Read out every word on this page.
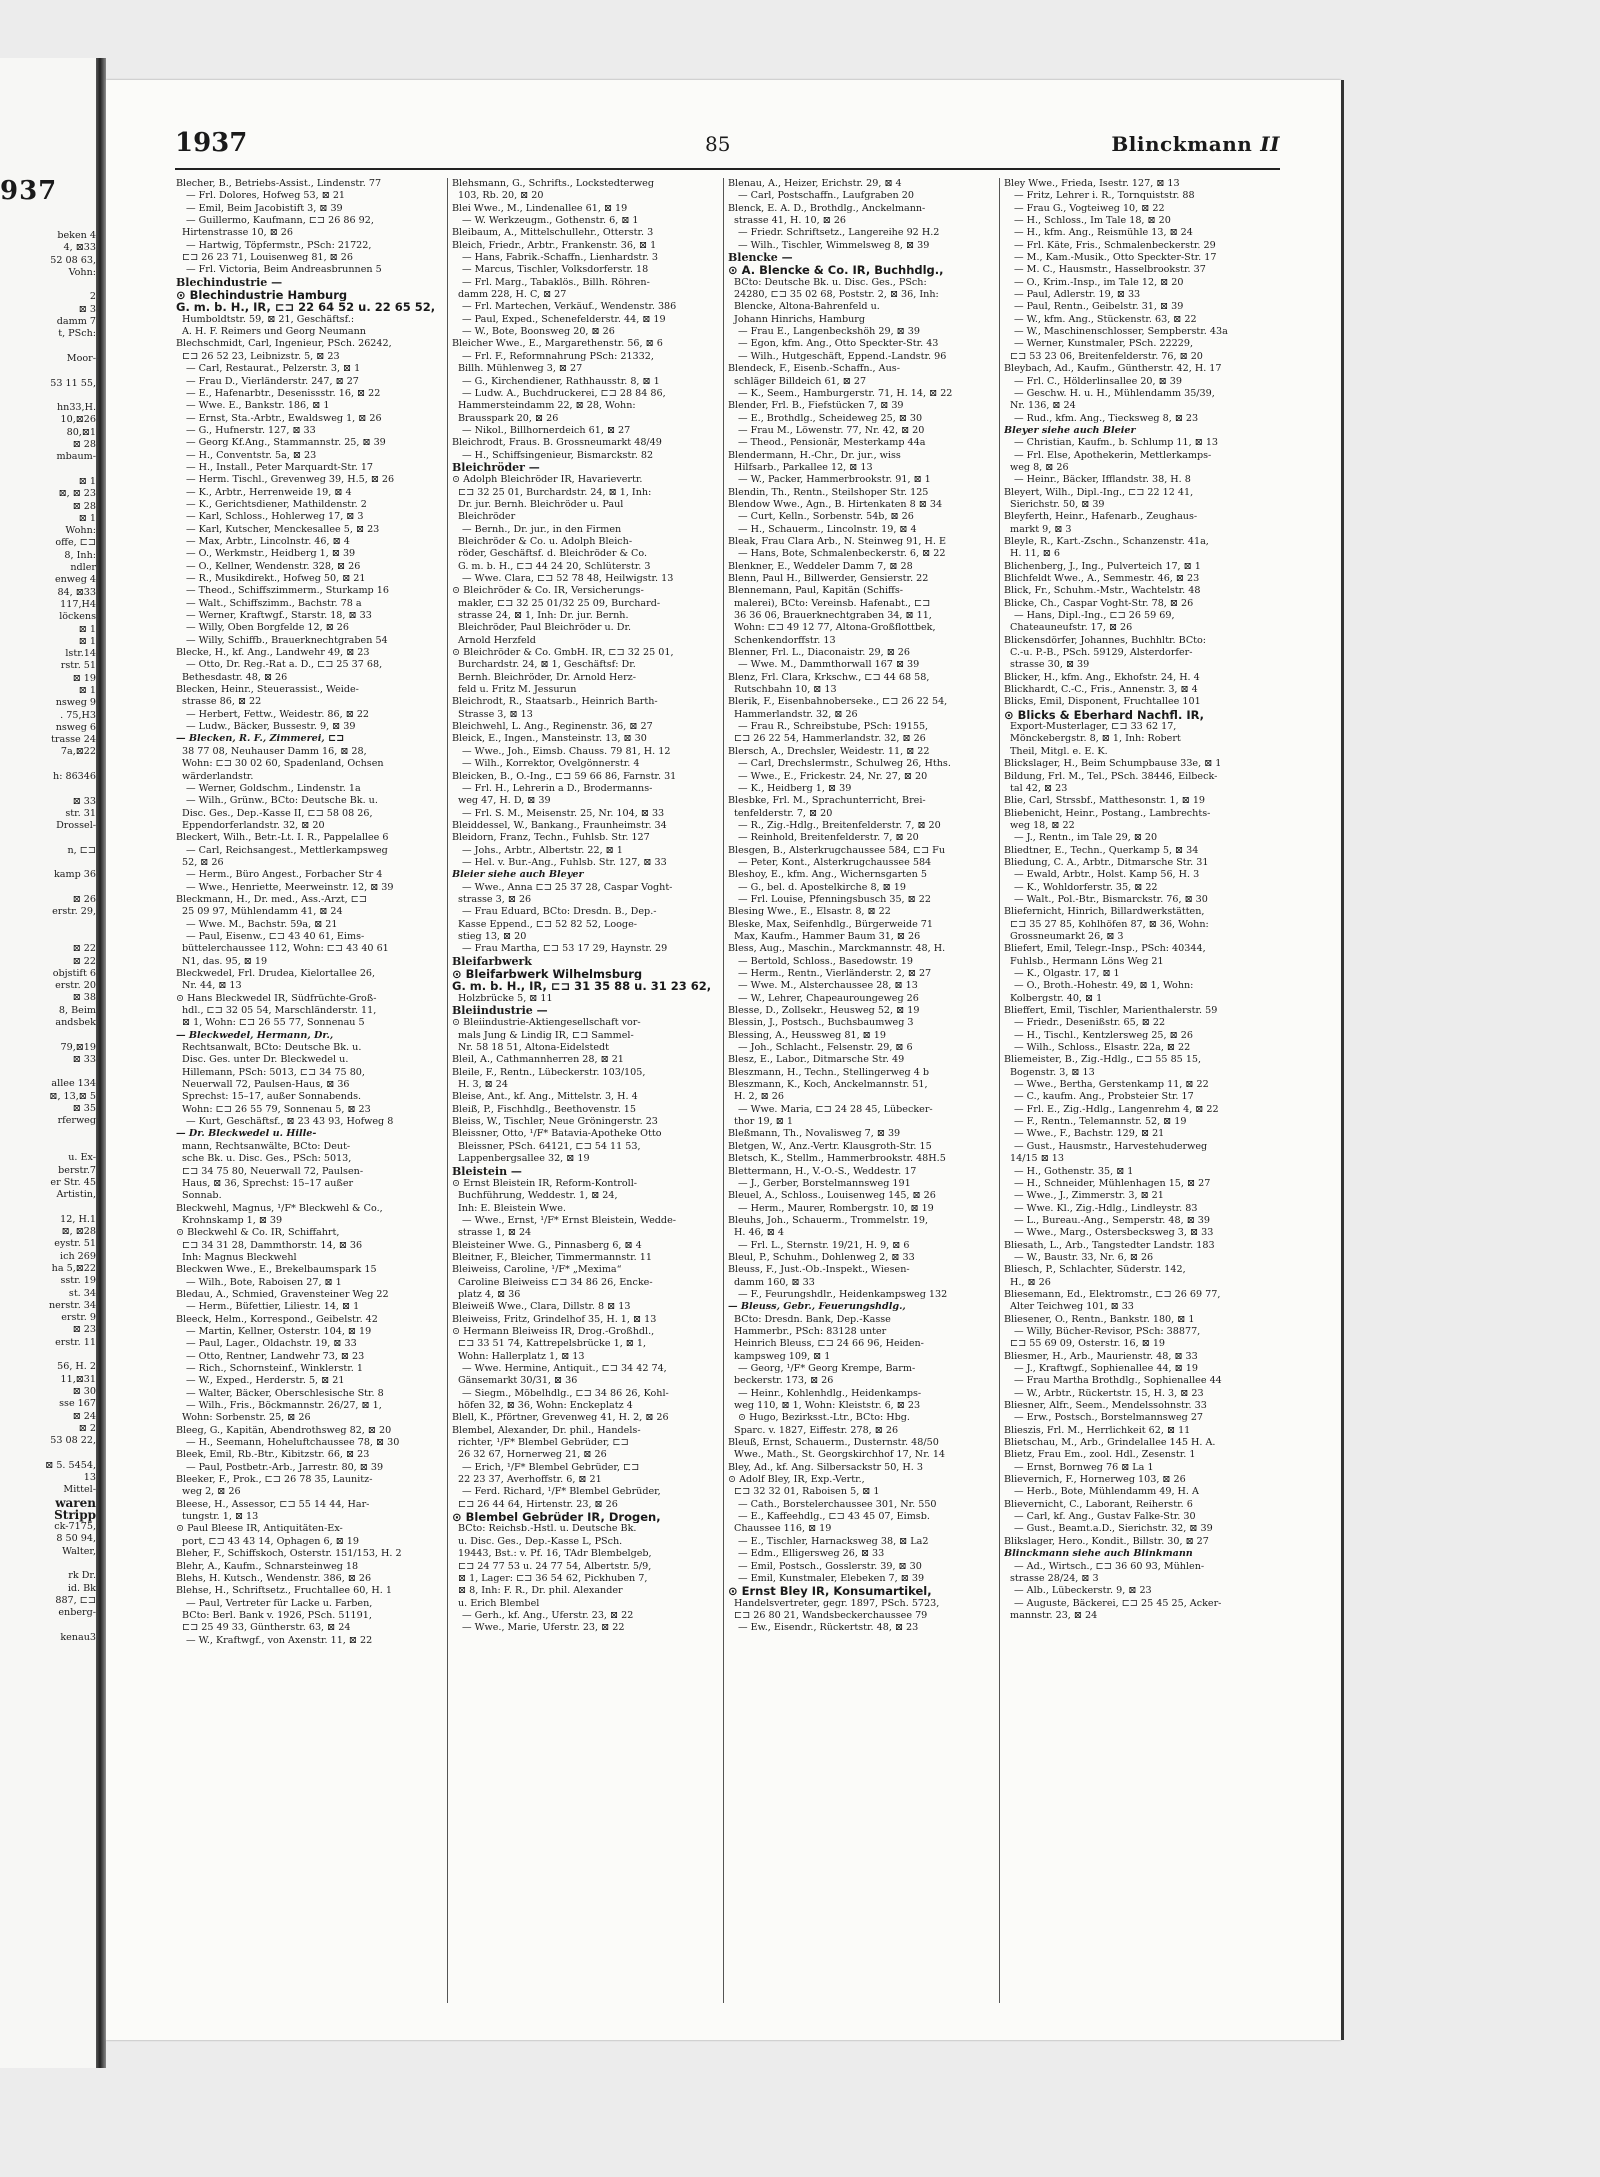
937
beken 4
4, ⊠33
52 08 63,
Vohn:
2
⊠ 3
damm 7
t, PSch:
Moor-
53 11 55,
hn33,H.
10,⊠26
80,⊠1
⊠ 28
mbaum-
⊠ 1
⊠, ⊠ 23
⊠ 28
⊠ 1
Wohn:
offe, ⊏⊐
8, Inh:
ndler
enweg 4
84, ⊠33
117,H4
löckens
⊠ 1
⊠ 1
lstr.14
rstr. 51
⊠ 19
⊠ 1
nsweg 9
. 75,H3
nsweg 6
trasse 24
7a,⊠22
h: 86346
⊠ 33
str. 31
Drossel-
n, ⊏⊐
kamp 36
⊠ 26
erstr. 29,
⊠ 22
⊠ 22
objstift 6
erstr. 20
⊠ 38
8, Beim
andsbek
79,⊠19
⊠ 33
allee 134
⊠, 13,⊠ 5
⊠ 35
rferweg
u. Ex-
berstr.7
er Str. 45
Artistin,
12, H.1
⊠, ⊠28
eystr. 51
ich 269
ha 5,⊠22
sstr. 19
st. 34
nerstr. 34
erstr. 9
⊠ 23
erstr. 11
56, H. 2
11,⊠31
⊠ 30
sse 167
⊠ 24
⊠ 2
53 08 22,
⊠ 5. 5454,
13
Mittel-
waren
Stripp
ck-7175,
8 50 94,
Walter,
rk Dr.
id. Bk
887, ⊏⊐
enberg-
kenau3
1937	85	Blinckmann II
Blecher, B., Betriebs-Assist., Lindenstr. 77
— Frl. Dolores, Hofweg 53, ⊠ 21
— Emil, Beim Jacobistift 3, ⊠ 39
— Guillermo, Kaufmann, ⊏⊐ 26 86 92,
Hirtenstrasse 10, ⊠ 26
— Hartwig, Töpfermstr., PSch: 21722,
⊏⊐ 26 23 71, Louisenweg 81, ⊠ 26
— Frl. Victoria, Beim Andreasbrunnen 5
Blechindustrie —
⊙ Blechindustrie Hamburg
G. m. b. H., IR, ⊏⊐ 22 64 52 u. 22 65 52,
Humboldtstr. 59, ⊠ 21, Geschäftsf.:
A. H. F. Reimers und Georg Neumann
Blechschmidt, Carl, Ingenieur, PSch. 26242,
⊏⊐ 26 52 23, Leibnizstr. 5, ⊠ 23
— Carl, Restaurat., Pelzerstr. 3, ⊠ 1
— Frau D., Vierländerstr. 247, ⊠ 27
— E., Hafenarbtr., Desenissstr. 16, ⊠ 22
— Wwe. E., Bankstr. 186, ⊠ 1
— Ernst, Sta.-Arbtr., Ewaldsweg 1, ⊠ 26
— G., Hufnerstr. 127, ⊠ 33
— Georg Kf.Ang., Stammannstr. 25, ⊠ 39
— H., Conventstr. 5a, ⊠ 23
— H., Install., Peter Marquardt-Str. 17
— Herm. Tischl., Grevenweg 39, H.5, ⊠ 26
— K., Arbtr., Herrenweide 19, ⊠ 4
— K., Gerichtsdiener, Mathildenstr. 2
— Karl, Schloss., Hohlerweg 17, ⊠ 3
— Karl, Kutscher, Menckesallee 5, ⊠ 23
— Max, Arbtr., Lincolnstr. 46, ⊠ 4
— O., Werkmstr., Heidberg 1, ⊠ 39
— O., Kellner, Wendenstr. 328, ⊠ 26
— R., Musikdirekt., Hofweg 50, ⊠ 21
— Theod., Schiffszimmerm., Sturkamp 16
— Walt., Schiffszimm., Bachstr. 78 a
— Werner, Kraftwgf., Starstr. 18, ⊠ 33
— Willy, Oben Borgfelde 12, ⊠ 26
— Willy, Schiffb., Brauerknechtgraben 54
Blecke, H., kf. Ang., Landwehr 49, ⊠ 23
— Otto, Dr. Reg.-Rat a. D., ⊏⊐ 25 37 68,
Bethesdastr. 48, ⊠ 26
Blecken, Heinr., Steuerassist., Weide-
strasse 86, ⊠ 22
— Herbert, Fettw., Weidestr. 86, ⊠ 22
— Ludw., Bäcker, Bussestr. 9, ⊠ 39
— Blecken, R. F., Zimmerei, ⊏⊐
38 77 08, Neuhauser Damm 16, ⊠ 28,
Wohn: ⊏⊐ 30 02 60, Spadenland, Ochsen
wärderlandstr.
— Werner, Goldschm., Lindenstr. 1a
— Wilh., Grünw., BCto: Deutsche Bk. u.
Disc. Ges., Dep.-Kasse II, ⊏⊐ 58 08 26,
Eppendorferlandstr. 32, ⊠ 20
Bleckert, Wilh., Betr.-Lt. I. R., Pappelallee 6
— Carl, Reichsangest., Mettlerkampsweg
52, ⊠ 26
— Herm., Büro Angest., Forbacher Str 4
— Wwe., Henriette, Meerweinstr. 12, ⊠ 39
Bleckmann, H., Dr. med., Ass.-Arzt, ⊏⊐
25 09 97, Mühlendamm 41, ⊠ 24
— Wwe. M., Bachstr. 59a, ⊠ 21
— Paul, Eisenw., ⊏⊐ 43 40 61, Eims-
büttelerchaussee 112, Wohn: ⊏⊐ 43 40 61
N1, das. 95, ⊠ 19
Bleckwedel, Frl. Drudea, Kielortallee 26,
Nr. 44, ⊠ 13
⊙ Hans Bleckwedel IR, Südfrüchte-Groß-
hdl., ⊏⊐ 32 05 54, Marschländerstr. 11,
⊠ 1, Wohn: ⊏⊐ 26 55 77, Sonnenau 5
— Bleckwedel, Hermann, Dr.,
Rechtsanwalt, BCto: Deutsche Bk. u.
Disc. Ges. unter Dr. Bleckwedel u.
Hillemann, PSch: 5013, ⊏⊐ 34 75 80,
Neuerwall 72, Paulsen-Haus, ⊠ 36
Sprechst: 15–17, außer Sonnabends.
Wohn: ⊏⊐ 26 55 79, Sonnenau 5, ⊠ 23
— Kurt, Geschäftsf., ⊠ 23 43 93, Hofweg 8
— Dr. Bleckwedel u. Hille-
mann, Rechtsanwälte, BCto: Deut-
sche Bk. u. Disc. Ges., PSch: 5013,
⊏⊐ 34 75 80, Neuerwall 72, Paulsen-
Haus, ⊠ 36, Sprechst: 15–17 außer
Sonnab.
Bleckwehl, Magnus, ¹/F* Bleckwehl & Co.,
Krohnskamp 1, ⊠ 39
⊙ Bleckwehl & Co. IR, Schiffahrt,
⊏⊐ 34 31 28, Dammthorstr. 14, ⊠ 36
Inh: Magnus Bleckwehl
Bleckwen Wwe., E., Brekelbaumspark 15
— Wilh., Bote, Raboisen 27, ⊠ 1
Bledau, A., Schmied, Gravensteiner Weg 22
— Herm., Büfettier, Liliestr. 14, ⊠ 1
Bleeck, Helm., Korrespond., Geibelstr. 42
— Martin, Kellner, Osterstr. 104, ⊠ 19
— Paul, Lager., Oldachstr. 19, ⊠ 33
— Otto, Rentner, Landwehr 73, ⊠ 23
— Rich., Schornsteinf., Winklerstr. 1
— W., Exped., Herderstr. 5, ⊠ 21
— Walter, Bäcker, Oberschlesische Str. 8
— Wilh., Fris., Böckmannstr. 26/27, ⊠ 1,
Wohn: Sorbenstr. 25, ⊠ 26
Bleeg, G., Kapitän, Abendrothsweg 82, ⊠ 20
— H., Seemann, Hoheluftchaussee 78, ⊠ 30
Bleek, Emil, Rb.-Btr., Kibitzstr. 66, ⊠ 23
— Paul, Postbetr.-Arb., Jarrestr. 80, ⊠ 39
Bleeker, F., Prok., ⊏⊐ 26 78 35, Launitz-
weg 2, ⊠ 26
Bleese, H., Assessor, ⊏⊐ 55 14 44, Har-
tungstr. 1, ⊠ 13
⊙ Paul Bleese IR, Antiquitäten-Ex-
port, ⊏⊐ 43 43 14, Ophagen 6, ⊠ 19
Bleher, F., Schiffskoch, Osterstr. 151/153, H. 2
Blehr, A., Kaufm., Schnarsteinweg 18
Blehs, H. Kutsch., Wendenstr. 386, ⊠ 26
Blehse, H., Schriftsetz., Fruchtallee 60, H. 1
— Paul, Vertreter für Lacke u. Farben,
BCto: Berl. Bank v. 1926, PSch. 51191,
⊏⊐ 25 49 33, Güntherstr. 63, ⊠ 24
— W., Kraftwgf., von Axenstr. 11, ⊠ 22
Blehsmann, G., Schrifts., Lockstedterweg
103, Rb. 20, ⊠ 20
Blei Wwe., M., Lindenallee 61, ⊠ 19
— W. Werkzeugm., Gothenstr. 6, ⊠ 1
Bleibaum, A., Mittelschullehr., Otterstr. 3
Bleich, Friedr., Arbtr., Frankenstr. 36, ⊠ 1
— Hans, Fabrik.-Schaffn., Lienhardstr. 3
— Marcus, Tischler, Volksdorferstr. 18
— Frl. Marg., Tabaklös., Billh. Röhren-
damm 228, H. C, ⊠ 27
— Frl. Martechen, Verkäuf., Wendenstr. 386
— Paul, Exped., Schenefelderstr. 44, ⊠ 19
— W., Bote, Boonsweg 20, ⊠ 26
Bleicher Wwe., E., Margarethenstr. 56, ⊠ 6
— Frl. F., Reformnahrung PSch: 21332,
Billh. Mühlenweg 3, ⊠ 27
— G., Kirchendiener, Rathhausstr. 8, ⊠ 1
— Ludw. A., Buchdruckerei, ⊏⊐ 28 84 86,
Hammersteindamm 22, ⊠ 28, Wohn:
Brausspark 20, ⊠ 26
— Nikol., Billhornerdeich 61, ⊠ 27
Bleichrodt, Fraus. B. Grossneumarkt 48/49
— H., Schiffsingenieur, Bismarckstr. 82
Bleichröder —
⊙ Adolph Bleichröder IR, Havarievertr.
⊏⊐ 32 25 01, Burchardstr. 24, ⊠ 1, Inh:
Dr. jur. Bernh. Bleichröder u. Paul
Bleichröder
— Bernh., Dr. jur., in den Firmen
Bleichröder & Co. u. Adolph Bleich-
röder, Geschäftsf. d. Bleichröder & Co.
G. m. b. H., ⊏⊐ 44 24 20, Schlüterstr. 3
— Wwe. Clara, ⊏⊐ 52 78 48, Heilwigstr. 13
⊙ Bleichröder & Co. IR, Versicherungs-
makler, ⊏⊐ 32 25 01/32 25 09, Burchard-
strasse 24, ⊠ 1, Inh: Dr. jur. Bernh.
Bleichröder, Paul Bleichröder u. Dr.
Arnold Herzfeld
⊙ Bleichröder & Co. GmbH. IR, ⊏⊐ 32 25 01,
Burchardstr. 24, ⊠ 1, Geschäftsf: Dr.
Bernh. Bleichröder, Dr. Arnold Herz-
feld u. Fritz M. Jessurun
Bleichrodt, R., Staatsarb., Heinrich Barth-
Strasse 3, ⊠ 13
Bleichwehl, L. Ang., Reginenstr. 36, ⊠ 27
Bleick, E., Ingen., Mansteinstr. 13, ⊠ 30
— Wwe., Joh., Eimsb. Chauss. 79 81, H. 12
— Wilh., Korrektor, Ovelgönnerstr. 4
Bleicken, B., O.-Ing., ⊏⊐ 59 66 86, Farnstr. 31
— Frl. H., Lehrerin a D., Brodermanns-
weg 47, H. D, ⊠ 39
— Frl. S. M., Meisenstr. 25, Nr. 104, ⊠ 33
Bleiddessel, W., Bankang., Fraunheimstr. 34
Bleidorn, Franz, Techn., Fuhlsb. Str. 127
— Johs., Arbtr., Albertstr. 22, ⊠ 1
— Hel. v. Bur.-Ang., Fuhlsb. Str. 127, ⊠ 33
Bleier siehe auch Bleyer
— Wwe., Anna ⊏⊐ 25 37 28, Caspar Voght-
strasse 3, ⊠ 26
— Frau Eduard, BCto: Dresdn. B., Dep.-
Kasse Eppend., ⊏⊐ 52 82 52, Looge-
stieg 13, ⊠ 20
— Frau Martha, ⊏⊐ 53 17 29, Haynstr. 29
Bleifarbwerk
⊙ Bleifarbwerk Wilhelmsburg
G. m. b. H., IR, ⊏⊐ 31 35 88 u. 31 23 62,
Holzbrücke 5, ⊠ 11
Bleiindustrie —
⊙ Bleiindustrie-Aktiengesellschaft vor-
mals Jung & Lindig IR, ⊏⊐ Sammel-
Nr. 58 18 51, Altona-Eidelstedt
Bleil, A., Cathmannherren 28, ⊠ 21
Bleile, F., Rentn., Lübeckerstr. 103/105,
H. 3, ⊠ 24
Bleise, Ant., kf. Ang., Mittelstr. 3, H. 4
Bleiß, P., Fischhdlg., Beethovenstr. 15
Bleiss, W., Tischler, Neue Gröningerstr. 23
Bleissner, Otto, ¹/F* Batavia-Apotheke Otto
Bleissner, PSch. 64121, ⊏⊐ 54 11 53,
Lappenbergsallee 32, ⊠ 19
Bleistein —
⊙ Ernst Bleistein IR, Reform-Kontroll-
Buchführung, Weddestr. 1, ⊠ 24,
Inh: E. Bleistein Wwe.
— Wwe., Ernst, ¹/F* Ernst Bleistein, Wedde-
strasse 1, ⊠ 24
Bleisteiner Wwe. G., Pinnasberg 6, ⊠ 4
Bleitner, F., Bleicher, Timmermannstr. 11
Bleiweiss, Caroline, ¹/F* „Mexima“
Caroline Bleiweiss ⊏⊐ 34 86 26, Encke-
platz 4, ⊠ 36
Bleiweiß Wwe., Clara, Dillstr. 8 ⊠ 13
Bleiweiss, Fritz, Grindelhof 35, H. 1, ⊠ 13
⊙ Hermann Bleiweiss IR, Drog.-Großhdl.,
⊏⊐ 33 51 74, Kattrepelsbrücke 1, ⊠ 1,
Wohn: Hallerplatz 1, ⊠ 13
— Wwe. Hermine, Antiquit., ⊏⊐ 34 42 74,
Gänsemarkt 30/31, ⊠ 36
— Siegm., Möbelhdlg., ⊏⊐ 34 86 26, Kohl-
höfen 32, ⊠ 36, Wohn: Enckeplatz 4
Blell, K., Pförtner, Grevenweg 41, H. 2, ⊠ 26
Blembel, Alexander, Dr. phil., Handels-
richter, ¹/F* Blembel Gebrüder, ⊏⊐
26 32 67, Hornerweg 21, ⊠ 26
— Erich, ¹/F* Blembel Gebrüder, ⊏⊐
22 23 37, Averhoffstr. 6, ⊠ 21
— Ferd. Richard, ¹/F* Blembel Gebrüder,
⊏⊐ 26 44 64, Hirtenstr. 23, ⊠ 26
⊙ Blembel Gebrüder IR, Drogen,
BCto: Reichsb.-Hstl. u. Deutsche Bk.
u. Disc. Ges., Dep.-Kasse L, PSch.
19443, Bst.: v. Pf. 16, TAdr Blembelgeb,
⊏⊐ 24 77 53 u. 24 77 54, Albertstr. 5/9,
⊠ 1, Lager: ⊏⊐ 36 54 62, Pickhuben 7,
⊠ 8, Inh: F. R., Dr. phil. Alexander
u. Erich Blembel
— Gerh., kf. Ang., Uferstr. 23, ⊠ 22
— Wwe., Marie, Uferstr. 23, ⊠ 22
Blenau, A., Heizer, Erichstr. 29, ⊠ 4
— Carl, Postschaffn., Laufgraben 20
Blenck, E. A. D., Brothdlg., Anckelmann-
strasse 41, H. 10, ⊠ 26
— Friedr. Schriftsetz., Langereihe 92 H.2
— Wilh., Tischler, Wimmelsweg 8, ⊠ 39
Blencke —
⊙ A. Blencke & Co. IR, Buchhdlg.,
BCto: Deutsche Bk. u. Disc. Ges., PSch:
24280, ⊏⊐ 35 02 68, Poststr. 2, ⊠ 36, Inh:
Blencke, Altona-Bahrenfeld u.
Johann Hinrichs, Hamburg
— Frau E., Langenbeckshöh 29, ⊠ 39
— Egon, kfm. Ang., Otto Speckter-Str. 43
— Wilh., Hutgeschäft, Eppend.-Landstr. 96
Blendeck, F., Eisenb.-Schaffn., Aus-
schläger Billdeich 61, ⊠ 27
— K., Seem., Hamburgerstr. 71, H. 14, ⊠ 22
Blender, Frl. B., Fiefstücken 7, ⊠ 39
— E., Brothdlg., Scheideweg 25, ⊠ 30
— Frau M., Löwenstr. 77, Nr. 42, ⊠ 20
— Theod., Pensionär, Mesterkamp 44a
Blendermann, H.-Chr., Dr. jur., wiss
Hilfsarb., Parkallee 12, ⊠ 13
— W., Packer, Hammerbrookstr. 91, ⊠ 1
Blendin, Th., Rentn., Steilshoper Str. 125
Blendow Wwe., Agn., B. Hirtenkaten 8 ⊠ 34
— Curt, Kelln., Sorbenstr. 54b, ⊠ 26
— H., Schauerm., Lincolnstr. 19, ⊠ 4
Bleak, Frau Clara Arb., N. Steinweg 91, H. E
— Hans, Bote, Schmalenbeckerstr. 6, ⊠ 22
Blenkner, E., Weddeler Damm 7, ⊠ 28
Blenn, Paul H., Billwerder, Gensierstr. 22
Blennemann, Paul, Kapitän (Schiffs-
malerei), BCto: Vereinsb. Hafenabt., ⊏⊐
36 36 06, Brauerknechtgraben 34, ⊠ 11,
Wohn: ⊏⊐ 49 12 77, Altona-Großflottbek,
Schenkendorffstr. 13
Blenner, Frl. L., Diaconaistr. 29, ⊠ 26
— Wwe. M., Dammthorwall 167 ⊠ 39
Blenz, Frl. Clara, Krkschw., ⊏⊐ 44 68 58,
Rutschbahn 10, ⊠ 13
Blerik, F., Eisenbahnoberseke., ⊏⊐ 26 22 54,
Hammerlandstr. 32, ⊠ 26
— Frau R., Schreibstube, PSch: 19155,
⊏⊐ 26 22 54, Hammerlandstr. 32, ⊠ 26
Blersch, A., Drechsler, Weidestr. 11, ⊠ 22
— Carl, Drechslermstr., Schulweg 26, Hths.
— Wwe., E., Frickestr. 24, Nr. 27, ⊠ 20
— K., Heidberg 1, ⊠ 39
Blesbke, Frl. M., Sprachunterricht, Brei-
tenfelderstr. 7, ⊠ 20
— R., Zig.-Hdlg., Breitenfelderstr. 7, ⊠ 20
— Reinhold, Breitenfelderstr. 7, ⊠ 20
Blesgen, B., Alsterkrugchaussee 584, ⊏⊐ Fu
— Peter, Kont., Alsterkrugchaussee 584
Bleshoy, E., kfm. Ang., Wichernsgarten 5
— G., bel. d. Apostelkirche 8, ⊠ 19
— Frl. Louise, Pfenningsbusch 35, ⊠ 22
Blesing Wwe., E., Elsastr. 8, ⊠ 22
Bleske, Max, Seifenhdlg., Bürgerweide 71
Max, Kaufm., Hammer Baum 31, ⊠ 26
Bless, Aug., Maschin., Marckmannstr. 48, H.
— Bertold, Schloss., Basedowstr. 19
— Herm., Rentn., Vierländerstr. 2, ⊠ 27
— Wwe. M., Alsterchaussee 28, ⊠ 13
— W., Lehrer, Chapeauroungeweg 26
Blesse, D., Zollsekr., Heusweg 52, ⊠ 19
Blessin, J., Postsch., Buchsbaumweg 3
Blessing, A., Heussweg 81, ⊠ 19
— Joh., Schlacht., Felsenstr. 29, ⊠ 6
Blesz, E., Labor., Ditmarsche Str. 49
Bleszmann, H., Techn., Stellingerweg 4 b
Bleszmann, K., Koch, Anckelmannstr. 51,
H. 2, ⊠ 26
— Wwe. Maria, ⊏⊐ 24 28 45, Lübecker-
thor 19, ⊠ 1
Bleßmann, Th., Novalisweg 7, ⊠ 39
Bletgen, W., Anz.-Vertr. Klausgroth-Str. 15
Bletsch, K., Stellm., Hammerbrookstr. 48H.5
Blettermann, H., V.-O.-S., Weddestr. 17
— J., Gerber, Borstelmannsweg 191
Bleuel, A., Schloss., Louisenweg 145, ⊠ 26
— Herm., Maurer, Rombergstr. 10, ⊠ 19
Bleuhs, Joh., Schauerm., Trommelstr. 19,
H. 46, ⊠ 4
— Frl. L., Sternstr. 19/21, H. 9, ⊠ 6
Bleul, P., Schuhm., Dohlenweg 2, ⊠ 33
Bleuss, F., Just.-Ob.-Inspekt., Wiesen-
damm 160, ⊠ 33
— F., Feurungshdlr., Heidenkampsweg 132
— Bleuss, Gebr., Feuerungshdlg.,
BCto: Dresdn. Bank, Dep.-Kasse
Hammerbr., PSch: 83128 unter
Heinrich Bleuss, ⊏⊐ 24 66 96, Heiden-
kampsweg 109, ⊠ 1
— Georg, ¹/F* Georg Krempe, Barm-
beckerstr. 173, ⊠ 26
— Heinr., Kohlenhdlg., Heidenkamps-
weg 110, ⊠ 1, Wohn: Kleiststr. 6, ⊠ 23
⊙ Hugo, Bezirksst.-Ltr., BCto: Hbg.
Sparc. v. 1827, Eiffestr. 278, ⊠ 26
Bleuß, Ernst, Schauerm., Dusternstr. 48/50
Wwe., Math., St. Georgskirchhof 17, Nr. 14
Bley, Ad., kf. Ang. Silbersackstr 50, H. 3
⊙ Adolf Bley, IR, Exp.-Vertr.,
⊏⊐ 32 32 01, Raboisen 5, ⊠ 1
— Cath., Borstelerchaussee 301, Nr. 550
— E., Kaffeehdlg., ⊏⊐ 43 45 07, Eimsb.
Chaussee 116, ⊠ 19
— E., Tischler, Harnacksweg 38, ⊠ La2
— Edm., Elligersweg 26, ⊠ 33
— Emil, Postsch., Gosslerstr. 39, ⊠ 30
— Emil, Kunstmaler, Elebeken 7, ⊠ 39
⊙ Ernst Bley IR, Konsumartikel,
Handelsvertreter, gegr. 1897, PSch. 5723,
⊏⊐ 26 80 21, Wandsbeckerchaussee 79
— Ew., Eisendr., Rückertstr. 48, ⊠ 23
Bley Wwe., Frieda, Isestr. 127, ⊠ 13
— Fritz, Lehrer i. R., Tornquiststr. 88
— Frau G., Vogteiweg 10, ⊠ 22
— H., Schloss., Im Tale 18, ⊠ 20
— H., kfm. Ang., Reismühle 13, ⊠ 24
— Frl. Käte, Fris., Schmalenbeckerstr. 29
— M., Kam.-Musik., Otto Speckter-Str. 17
— M. C., Hausmstr., Hasselbrookstr. 37
— O., Krim.-Insp., im Tale 12, ⊠ 20
— Paul, Adlerstr. 19, ⊠ 33
— Paul, Rentn., Geibelstr. 31, ⊠ 39
— W., kfm. Ang., Stückenstr. 63, ⊠ 22
— W., Maschinenschlosser, Sempberstr. 43a
— Werner, Kunstmaler, PSch. 22229,
⊏⊐ 53 23 06, Breitenfelderstr. 76, ⊠ 20
Bleybach, Ad., Kaufm., Güntherstr. 42, H. 17
— Frl. C., Hölderlinsallee 20, ⊠ 39
— Geschw. H. u. H., Mühlendamm 35/39,
Nr. 136, ⊠ 24
— Rud., kfm. Ang., Tiecksweg 8, ⊠ 23
Bleyer siehe auch Bleier
— Christian, Kaufm., b. Schlump 11, ⊠ 13
— Frl. Else, Apothekerin, Mettlerkamps-
weg 8, ⊠ 26
— Heinr., Bäcker, Ifflandstr. 38, H. 8
Bleyert, Wilh., Dipl.-Ing., ⊏⊐ 22 12 41,
Sierichstr. 50, ⊠ 39
Bleyferth, Heinr., Hafenarb., Zeughaus-
markt 9, ⊠ 3
Bleyle, R., Kart.-Zschn., Schanzenstr. 41a,
H. 11, ⊠ 6
Blichenberg, J., Ing., Pulverteich 17, ⊠ 1
Blichfeldt Wwe., A., Semmestr. 46, ⊠ 23
Blick, Fr., Schuhm.-Mstr., Wachtelstr. 48
Blicke, Ch., Caspar Voght-Str. 78, ⊠ 26
— Hans, Dipl.-Ing., ⊏⊐ 26 59 69,
Chateauneufstr. 17, ⊠ 26
Blickensdörfer, Johannes, Buchhltr. BCto:
C.-u. P.-B., PSch. 59129, Alsterdorfer-
strasse 30, ⊠ 39
Blicker, H., kfm. Ang., Ekhofstr. 24, H. 4
Blickhardt, C.-C., Fris., Annenstr. 3, ⊠ 4
Blicks, Emil, Disponent, Fruchtallee 101
⊙ Blicks & Eberhard Nachfl. IR,
Export-Musterlager, ⊏⊐ 33 62 17,
Mönckebergstr. 8, ⊠ 1, Inh: Robert
Theil, Mitgl. e. E. K.
Blickslager, H., Beim Schumpbause 33e, ⊠ 1
Bildung, Frl. M., Tel., PSch. 38446, Eilbeck-
tal 42, ⊠ 23
Blie, Carl, Strssbf., Matthesonstr. 1, ⊠ 19
Bliebenicht, Heinr., Postang., Lambrechts-
weg 18, ⊠ 22
— J., Rentn., im Tale 29, ⊠ 20
Bliedtner, E., Techn., Querkamp 5, ⊠ 34
Bliedung, C. A., Arbtr., Ditmarsche Str. 31
— Ewald, Arbtr., Holst. Kamp 56, H. 3
— K., Wohldorferstr. 35, ⊠ 22
— Walt., Pol.-Btr., Bismarckstr. 76, ⊠ 30
Bliefernicht, Hinrich, Billardwerkstätten,
⊏⊐ 35 27 85, Kohlhöfen 87, ⊠ 36, Wohn:
Grossneumarkt 26, ⊠ 3
Bliefert, Emil, Telegr.-Insp., PSch: 40344,
Fuhlsb., Hermann Löns Weg 21
— K., Olgastr. 17, ⊠ 1
— O., Broth.-Hohestr. 49, ⊠ 1, Wohn:
Kolbergstr. 40, ⊠ 1
Blieffert, Emil, Tischler, Marienthalerstr. 59
— Friedr., Desenißstr. 65, ⊠ 22
— H., Tischl., Kentzlersweg 25, ⊠ 26
— Wilh., Schloss., Elsastr. 22a, ⊠ 22
Bliemeister, B., Zig.-Hdlg., ⊏⊐ 55 85 15,
Bogenstr. 3, ⊠ 13
— Wwe., Bertha, Gerstenkamp 11, ⊠ 22
— C., kaufm. Ang., Probsteier Str. 17
— Frl. E., Zig.-Hdlg., Langenrehm 4, ⊠ 22
— F., Rentn., Telemannstr. 52, ⊠ 19
— Wwe., F., Bachstr. 129, ⊠ 21
— Gust., Hausmstr., Harvestehuderweg
14/15 ⊠ 13
— H., Gothenstr. 35, ⊠ 1
— H., Schneider, Mühlenhagen 15, ⊠ 27
— Wwe., J., Zimmerstr. 3, ⊠ 21
— Wwe. Kl., Zig.-Hdlg., Lindleystr. 83
— L., Bureau.-Ang., Semperstr. 48, ⊠ 39
— Wwe., Marg., Ostersbecksweg 3, ⊠ 33
Bliesath, L., Arb., Tangstedter Landstr. 183
— W., Baustr. 33, Nr. 6, ⊠ 26
Bliesch, P., Schlachter, Süderstr. 142,
H., ⊠ 26
Bliesemann, Ed., Elektromstr., ⊏⊐ 26 69 77,
Alter Teichweg 101, ⊠ 33
Bliesener, O., Rentn., Bankstr. 180, ⊠ 1
— Willy, Bücher-Revisor, PSch: 38877,
⊏⊐ 55 69 09, Osterstr. 16, ⊠ 19
Bliesmer, H., Arb., Maurienstr. 48, ⊠ 33
— J., Kraftwgf., Sophienallee 44, ⊠ 19
— Frau Martha Brothdlg., Sophienallee 44
— W., Arbtr., Rückertstr. 15, H. 3, ⊠ 23
Bliesner, Alfr., Seem., Mendelssohnstr. 33
— Erw., Postsch., Borstelmannsweg 27
Blieszis, Frl. M., Herrlichkeit 62, ⊠ 11
Blietschau, M., Arb., Grindelallee 145 H. A.
Blietz, Frau Em., zool. Hdl., Zesenstr. 1
— Ernst, Bornweg 76 ⊠ La 1
Blievernich, F., Hornerweg 103, ⊠ 26
— Herb., Bote, Mühlendamm 49, H. A
Blievernicht, C., Laborant, Reiherstr. 6
— Carl, kf. Ang., Gustav Falke-Str. 30
— Gust., Beamt.a.D., Sierichstr. 32, ⊠ 39
Blikslager, Hero., Kondit., Billstr. 30, ⊠ 27
Blinckmann siehe auch Blinkmann
— Ad., Wirtsch., ⊏⊐ 36 60 93, Mühlen-
strasse 28/24, ⊠ 3
— Alb., Lübeckerstr. 9, ⊠ 23
— Auguste, Bäckerei, ⊏⊐ 25 45 25, Acker-
mannstr. 23, ⊠ 24
